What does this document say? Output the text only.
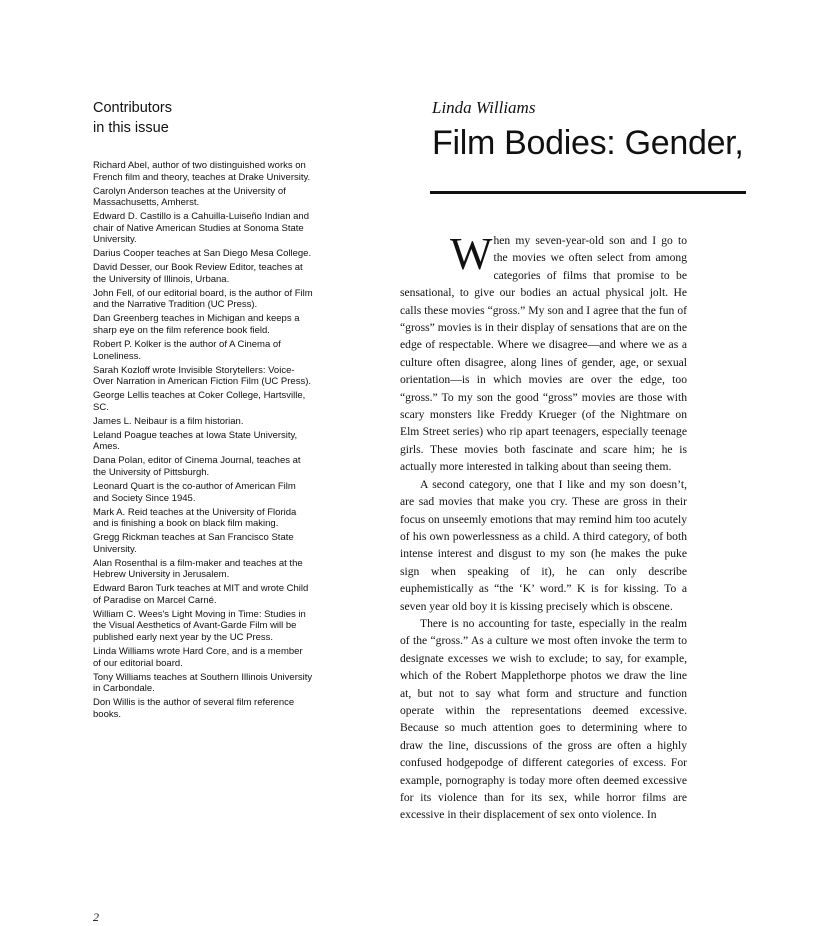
Contributors
in this issue
Richard Abel, author of two distinguished works on French film and theory, teaches at Drake University.
Carolyn Anderson teaches at the University of Massachusetts, Amherst.
Edward D. Castillo is a Cahuilla-Luiseño Indian and chair of Native American Studies at Sonoma State University.
Darius Cooper teaches at San Diego Mesa College.
David Desser, our Book Review Editor, teaches at the University of Illinois, Urbana.
John Fell, of our editorial board, is the author of Film and the Narrative Tradition (UC Press).
Dan Greenberg teaches in Michigan and keeps a sharp eye on the film reference book field.
Robert P. Kolker is the author of A Cinema of Loneliness.
Sarah Kozloff wrote Invisible Storytellers: Voice-Over Narration in American Fiction Film (UC Press).
George Lellis teaches at Coker College, Hartsville, SC.
James L. Neibaur is a film historian.
Leland Poague teaches at Iowa State University, Ames.
Dana Polan, editor of Cinema Journal, teaches at the University of Pittsburgh.
Leonard Quart is the co-author of American Film and Society Since 1945.
Mark A. Reid teaches at the University of Florida and is finishing a book on black film making.
Gregg Rickman teaches at San Francisco State University.
Alan Rosenthal is a film-maker and teaches at the Hebrew University in Jerusalem.
Edward Baron Turk teaches at MIT and wrote Child of Paradise on Marcel Carné.
William C. Wees's Light Moving in Time: Studies in the Visual Aesthetics of Avant-Garde Film will be published early next year by the UC Press.
Linda Williams wrote Hard Core, and is a member of our editorial board.
Tony Williams teaches at Southern Illinois University in Carbondale.
Don Willis is the author of several film reference books.
2
Linda Williams
Film Bodies: Gender,

When my seven-year-old son and I go to the movies we often select from among categories of films that promise to be sensational, to give our bodies an actual physical jolt. He calls these movies “gross.” My son and I agree that the fun of “gross” movies is in their display of sensations that are on the edge of respectable. Where we disagree—and where we as a culture often disagree, along lines of gender, age, or sexual orientation—is in which movies are over the edge, too “gross.” To my son the good “gross” movies are those with scary monsters like Freddy Krueger (of the Nightmare on Elm Street series) who rip apart teenagers, especially teenage girls. These movies both fascinate and scare him; he is actually more interested in talking about than seeing them.

A second category, one that I like and my son doesn’t, are sad movies that make you cry. These are gross in their focus on unseemly emotions that may remind him too acutely of his own powerlessness as a child. A third category, of both intense interest and disgust to my son (he makes the puke sign when speaking of it), he can only describe euphemistically as “the ‘K’ word.” K is for kissing. To a seven year old boy it is kissing precisely which is obscene.

There is no accounting for taste, especially in the realm of the “gross.” As a culture we most often invoke the term to designate excesses we wish to exclude; to say, for example, which of the Robert Mapplethorpe photos we draw the line at, but not to say what form and structure and function operate within the representations deemed excessive. Because so much attention goes to determining where to draw the line, discussions of the gross are often a highly confused hodgepodge of different categories of excess. For example, pornography is today more often deemed excessive for its violence than for its sex, while horror films are excessive in their displacement of sex onto violence. In
